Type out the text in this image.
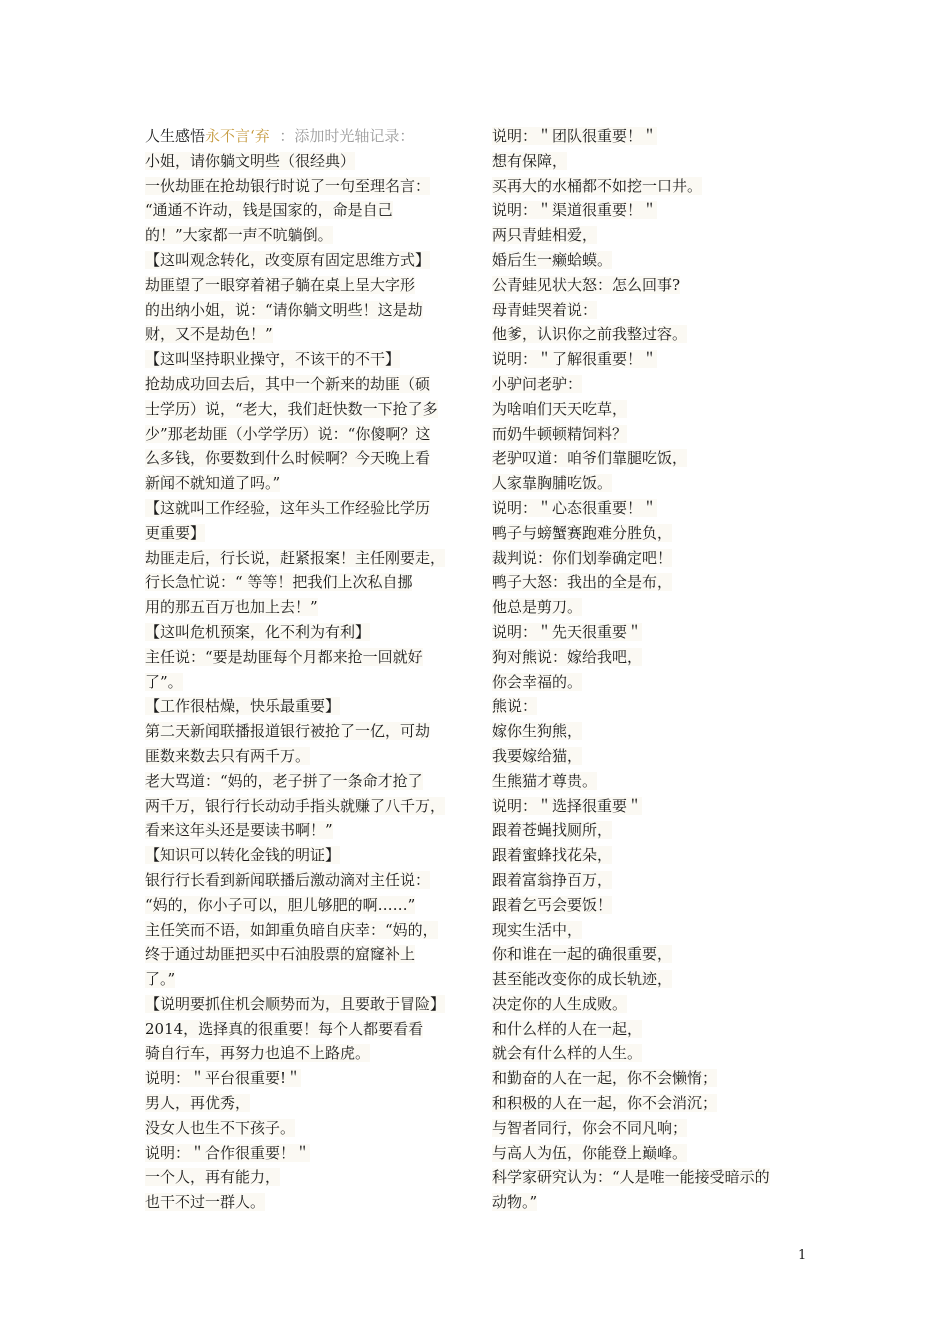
人生感悟永不言‘弃  ：添加时光轴记录：
小姐，请你躺文明些（很经典）
一伙劫匪在抢劫银行时说了一句至理名言：
“通通不许动，钱是国家的，命是自己
的！”大家都一声不吭躺倒。
【这叫观念转化，改变原有固定思维方式】
劫匪望了一眼穿着裙子躺在桌上呈大字形
的出纳小姐，说：“请你躺文明些！这是劫
财，又不是劫色！”
【这叫坚持职业操守，不该干的不干】
抢劫成功回去后，其中一个新来的劫匪（硕
士学历）说，“老大，我们赶快数一下抢了多
少”那老劫匪（小学学历）说：“你傻啊？这
么多钱，你要数到什么时候啊？今天晚上看
新闻不就知道了吗。”
【这就叫工作经验，这年头工作经验比学历
更重要】
劫匪走后，行长说，赶紧报案！主任刚要走，
行长急忙说：“ 等等！把我们上次私自挪
用的那五百万也加上去！”
【这叫危机预案，化不利为有利】
主任说：“要是劫匪每个月都来抢一回就好
了”。
【工作很枯燥，快乐最重要】
第二天新闻联播报道银行被抢了一亿，可劫
匪数来数去只有两千万。
老大骂道：“妈的，老子拼了一条命才抢了
两千万，银行行长动动手指头就赚了八千万，
看来这年头还是要读书啊！”
【知识可以转化金钱的明证】
银行行长看到新闻联播后激动滴对主任说：
“妈的，你小子可以，胆儿够肥的啊……”
主任笑而不语，如卸重负暗自庆幸：“妈的，
终于通过劫匪把买中石油股票的窟窿补上
了。”
【说明要抓住机会顺势而为，且要敢于冒险】
2014，选择真的很重要！每个人都要看看
骑自行车，再努力也追不上路虎。
说明：＂平台很重要!＂
男人，再优秀，
没女人也生不下孩子。
说明：＂合作很重要！＂
一个人，再有能力，
也干不过一群人。
说明：＂团队很重要！＂
想有保障，
买再大的水桶都不如挖一口井。
说明：＂渠道很重要！＂
两只青蛙相爱，
婚后生一癞蛤蟆。
公青蛙见状大怒：怎么回事?
母青蛙哭着说：
他爹，认识你之前我整过容。
说明：＂了解很重要！＂
小驴问老驴：
为啥咱们天天吃草，
而奶牛顿顿精饲料？
老驴叹道：咱爷们靠腿吃饭，
人家靠胸脯吃饭。
说明：＂心态很重要！＂
鸭子与螃蟹赛跑难分胜负，
裁判说：你们划拳确定吧！
鸭子大怒：我出的全是布，
他总是剪刀。
说明：＂先天很重要＂
狗对熊说：嫁给我吧，
你会幸福的。
熊说：
嫁你生狗熊，
我要嫁给猫，
生熊猫才尊贵。
说明：＂选择很重要＂
跟着苍蝇找厕所，
跟着蜜蜂找花朵，
跟着富翁挣百万，
跟着乞丐会要饭！
现实生活中，
你和谁在一起的确很重要，
甚至能改变你的成长轨迹，
决定你的人生成败。
和什么样的人在一起，
就会有什么样的人生。
和勤奋的人在一起，你不会懒惰；
和积极的人在一起，你不会消沉；
与智者同行，你会不同凡响；
与高人为伍，你能登上巅峰。
科学家研究认为：“人是唯一能接受暗示的
动物。”
1
